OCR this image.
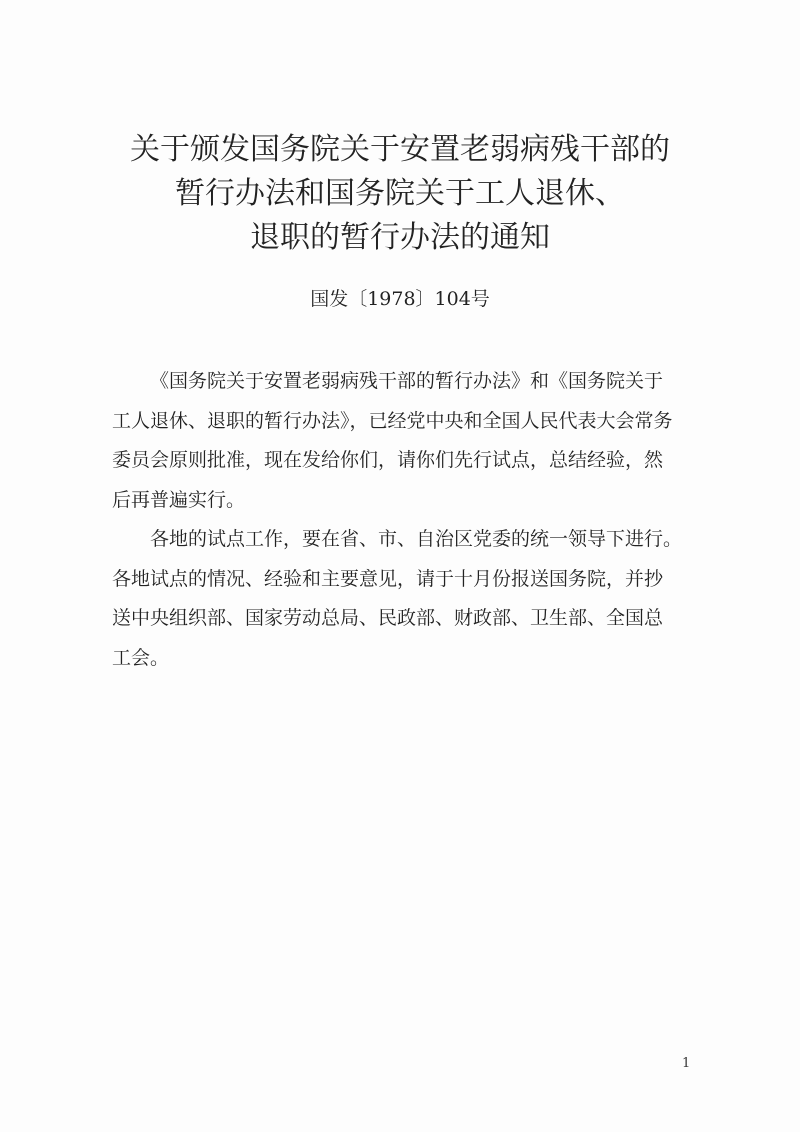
关于颁发国务院关于安置老弱病残干部的
暂行办法和国务院关于工人退休、
退职的暂行办法的通知
国发〔1978〕104号
《国务院关于安置老弱病残干部的暂行办法》和《国务院关于
工人退休、退职的暂行办法》，已经党中央和全国人民代表大会常务
委员会原则批准，现在发给你们，请你们先行试点，总结经验，然
后再普遍实行。
各地的试点工作，要在省、市、自治区党委的统一领导下进行。
各地试点的情况、经验和主要意见，请于十月份报送国务院，并抄
送中央组织部、国家劳动总局、民政部、财政部、卫生部、全国总
工会。
1
